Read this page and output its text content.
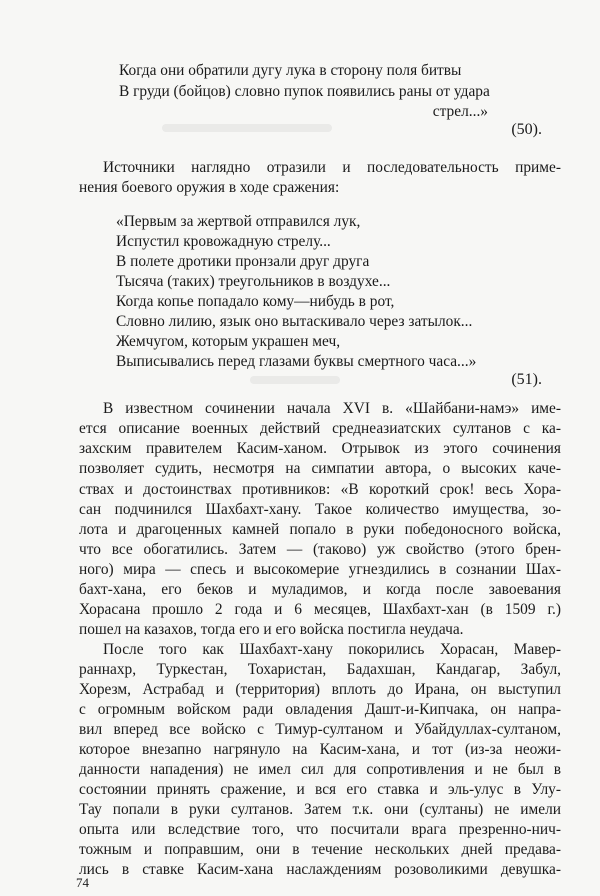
Когда они обратили дугу лука в сторону поля битвы
В груди (бойцов) словно пупок появились раны от удара
стрел...»
(50).
Источники наглядно отразили и последовательность приме-
нения боевого оружия в ходе сражения:
«Первым за жертвой отправился лук,
Испустил кровожадную стрелу...
В полете дротики пронзали друг друга
Тысяча (таких) треугольников в воздухе...
Когда копье попадало кому—нибудь в рот,
Словно лилию, язык оно вытаскивало через затылок...
Жемчугом, которым украшен меч,
Выписывались перед глазами буквы смертного часа...»
(51).
В известном сочинении начала XVI в. «Шайбани-намэ» име-
ется описание военных действий среднеазиатских султанов с ка-
захским правителем Касим-ханом. Отрывок из этого сочинения
позволяет судить, несмотря на симпатии автора, о высоких каче-
ствах и достоинствах противников: «В короткий срок! весь Хора-
сан подчинился Шахбахт-хану. Такое количество имущества, зо-
лота и драгоценных камней попало в руки победоносного войска,
что все обогатились. Затем — (таково) уж свойство (этого брен-
ного) мира — спесь и высокомерие угнездились в сознании Шах-
бахт-хана, его беков и муладимов, и когда после завоевания
Хорасана прошло 2 года и 6 месяцев, Шахбахт-хан (в 1509 г.)
пошел на казахов, тогда его и его войска постигла неудача.
После того как Шахбахт-хану покорились Хорасан, Мавер-
раннахр, Туркестан, Тохаристан, Бадахшан, Кандагар, Забул,
Хорезм, Астрабад и (территория) вплоть до Ирана, он выступил
с огромным войском ради овладения Дашт-и-Кипчака, он напра-
вил вперед все войско с Тимур-султаном и Убайдуллах-султаном,
которое внезапно нагрянуло на Касим-хана, и тот (из-за неожи-
данности нападения) не имел сил для сопротивления и не был в
состоянии принять сражение, и вся его ставка и эль-улус в Улу-
Тау попали в руки султанов. Затем т.к. они (султаны) не имели
опыта или вследствие того, что посчитали врага презренно-нич-
тожным и поправшим, они в течение нескольких дней предава-
лись в ставке Касим-хана наслаждениям розоволикими девушка-
74
